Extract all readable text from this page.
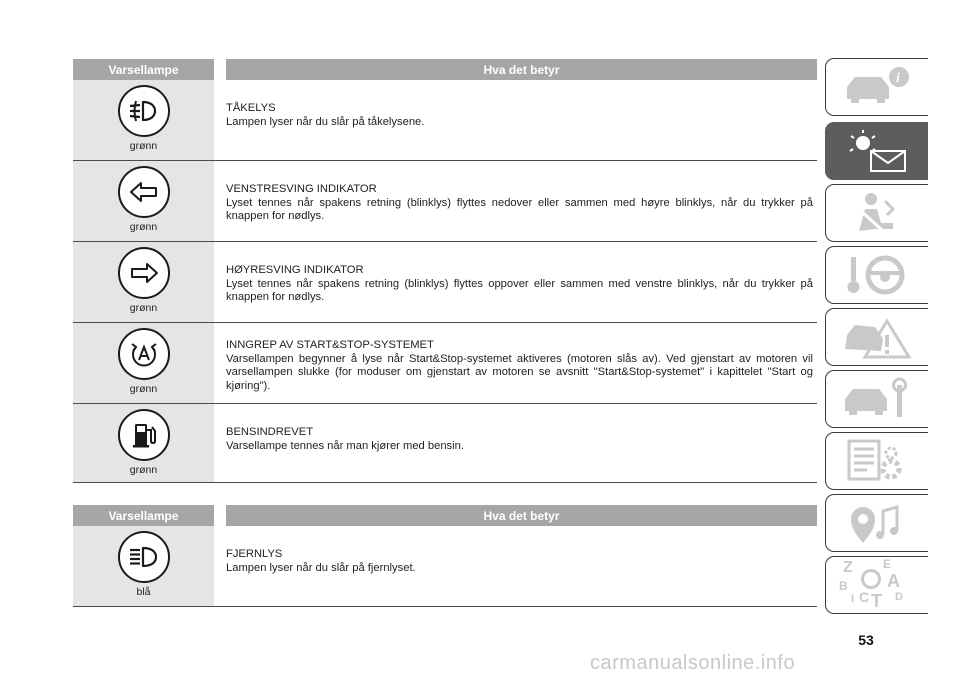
Varsellampe	Hva det betyr
grønn
TÅKELYS
Lampen lyser når du slår på tåkelysene.
grønn
VENSTRESVING INDIKATOR
Lyset tennes når spakens retning (blinklys) flyttes nedover eller sammen med høyre blinklys, når du trykker på knappen for nødlys.
grønn
HØYRESVING INDIKATOR
Lyset tennes når spakens retning (blinklys) flyttes oppover eller sammen med venstre blinklys, når du trykker på knappen for nødlys.
grønn
INNGREP AV START&STOP-SYSTEMET
Varsellampen begynner å lyse når Start&Stop-systemet aktiveres (motoren slås av). Ved gjenstart av motoren vil varsellampen slukke (for moduser om gjenstart av motoren se avsnitt "Start&Stop-systemet" i kapittelet "Start og kjøring").
grønn
BENSINDREVET
Varsellampe tennes når man kjører med bensin.
Varsellampe	Hva det betyr
blå
FJERNLYS
Lampen lyser når du slår på fjernlyset.
i
Z	E
A
B
C T D
I
53
carmanualsonline.info
